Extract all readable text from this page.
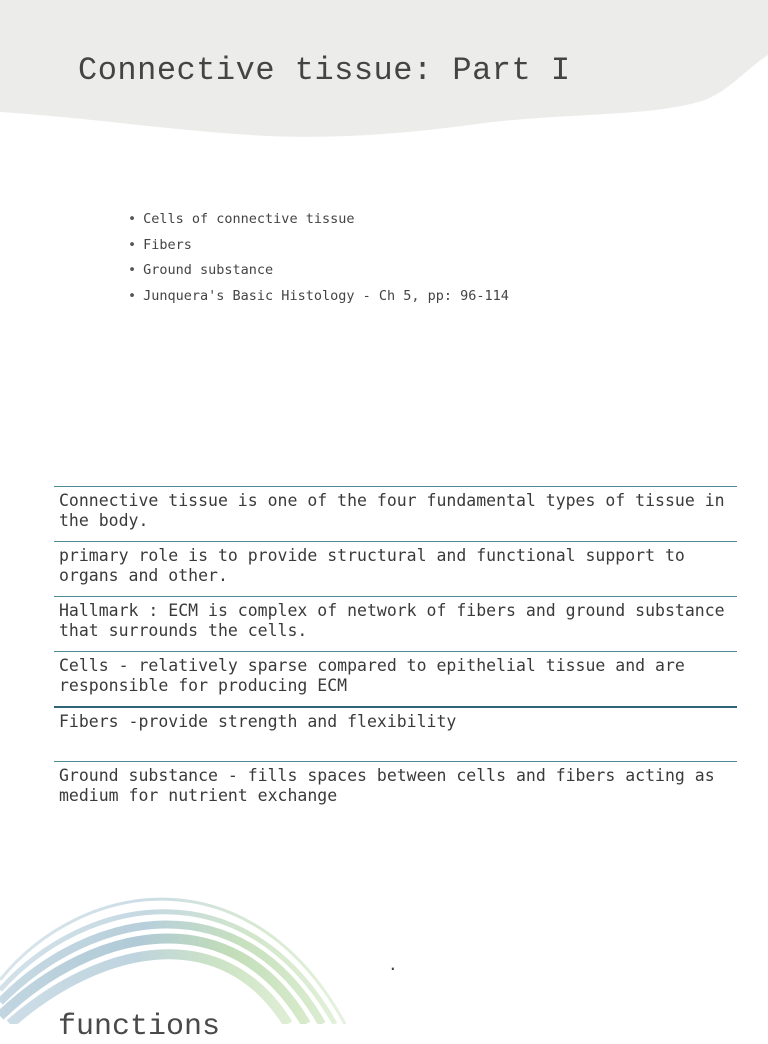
Connective tissue: Part I
• Cells of connective tissue
• Fibers
• Ground substance
• Junquera's Basic Histology - Ch 5, pp: 96-114
Connective tissue is one of the four fundamental types of tissue in the body.
primary role is to provide structural and functional support to organs and other.
Hallmark : ECM is complex of network of fibers and ground substance that surrounds the cells.
Cells - relatively sparse compared to epithelial tissue and are responsible for producing ECM
Fibers -provide strength and flexibility
Ground substance - fills spaces between cells and fibers acting as medium for nutrient exchange
.
functions
